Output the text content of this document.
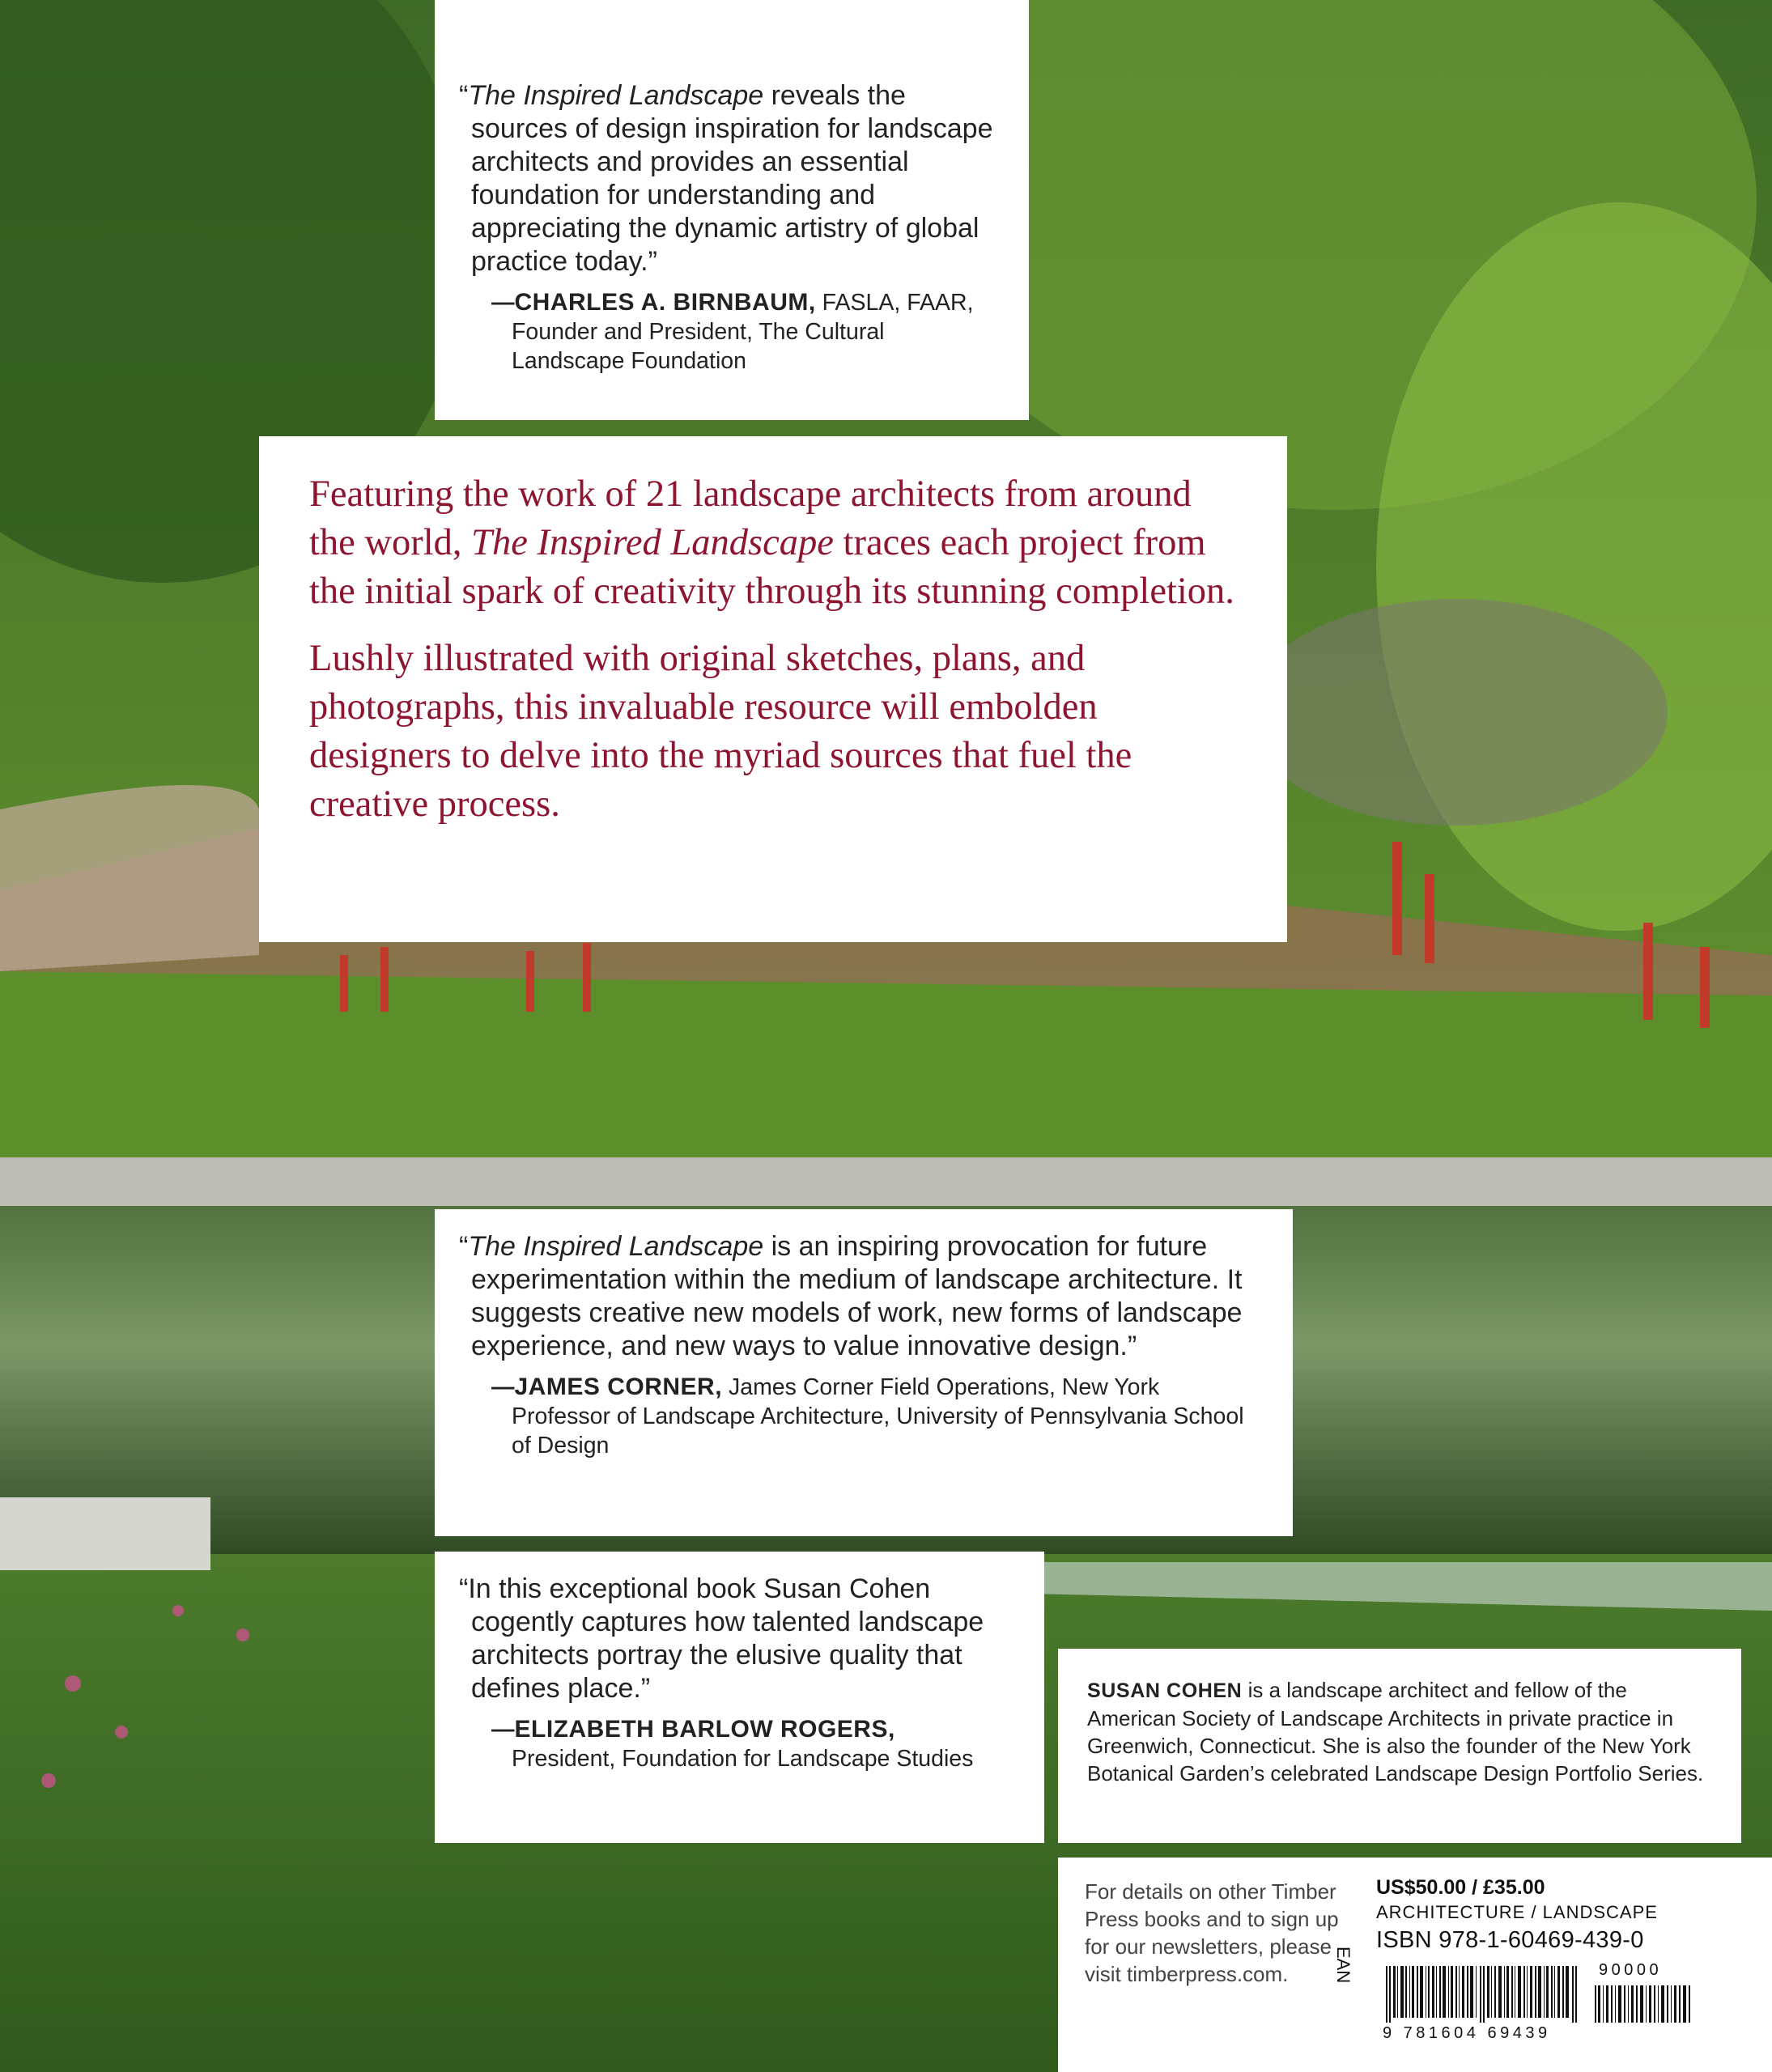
“The Inspired Landscape reveals the sources of design inspiration for landscape architects and provides an essential foundation for understanding and appreciating the dynamic artistry of global practice today.”

—CHARLES A. BIRNBAUM, FASLA, FAAR, Founder and President, The Cultural Landscape Foundation

Featuring the work of 21 landscape architects from around the world, The Inspired Landscape traces each project from the initial spark of creativity through its stunning completion.

Lushly illustrated with original sketches, plans, and photographs, this invaluable resource will embolden designers to delve into the myriad sources that fuel the creative process.

“The Inspired Landscape is an inspiring provocation for future experimentation within the medium of landscape architecture. It suggests creative new models of work, new forms of landscape experience, and new ways to value innovative design.”

—JAMES CORNER, James Corner Field Operations, New York Professor of Landscape Architecture, University of Pennsylvania School of Design

“In this exceptional book Susan Cohen cogently captures how talented landscape architects portray the elusive quality that defines place.”

—ELIZABETH BARLOW ROGERS,
President, Foundation for Landscape Studies

SUSAN COHEN is a landscape architect and fellow of the American Society of Landscape Architects in private practice in Greenwich, Connecticut. She is also the founder of the New York Botanical Garden’s celebrated Landscape Design Portfolio Series.
For details on other Timber Press books and to sign up for our newsletters, please visit timberpress.com.
US$50.00 / £35.00
ARCHITECTURE / LANDSCAPE
ISBN 978-1-60469-439-0
EAN	90000
9 781604 69439
